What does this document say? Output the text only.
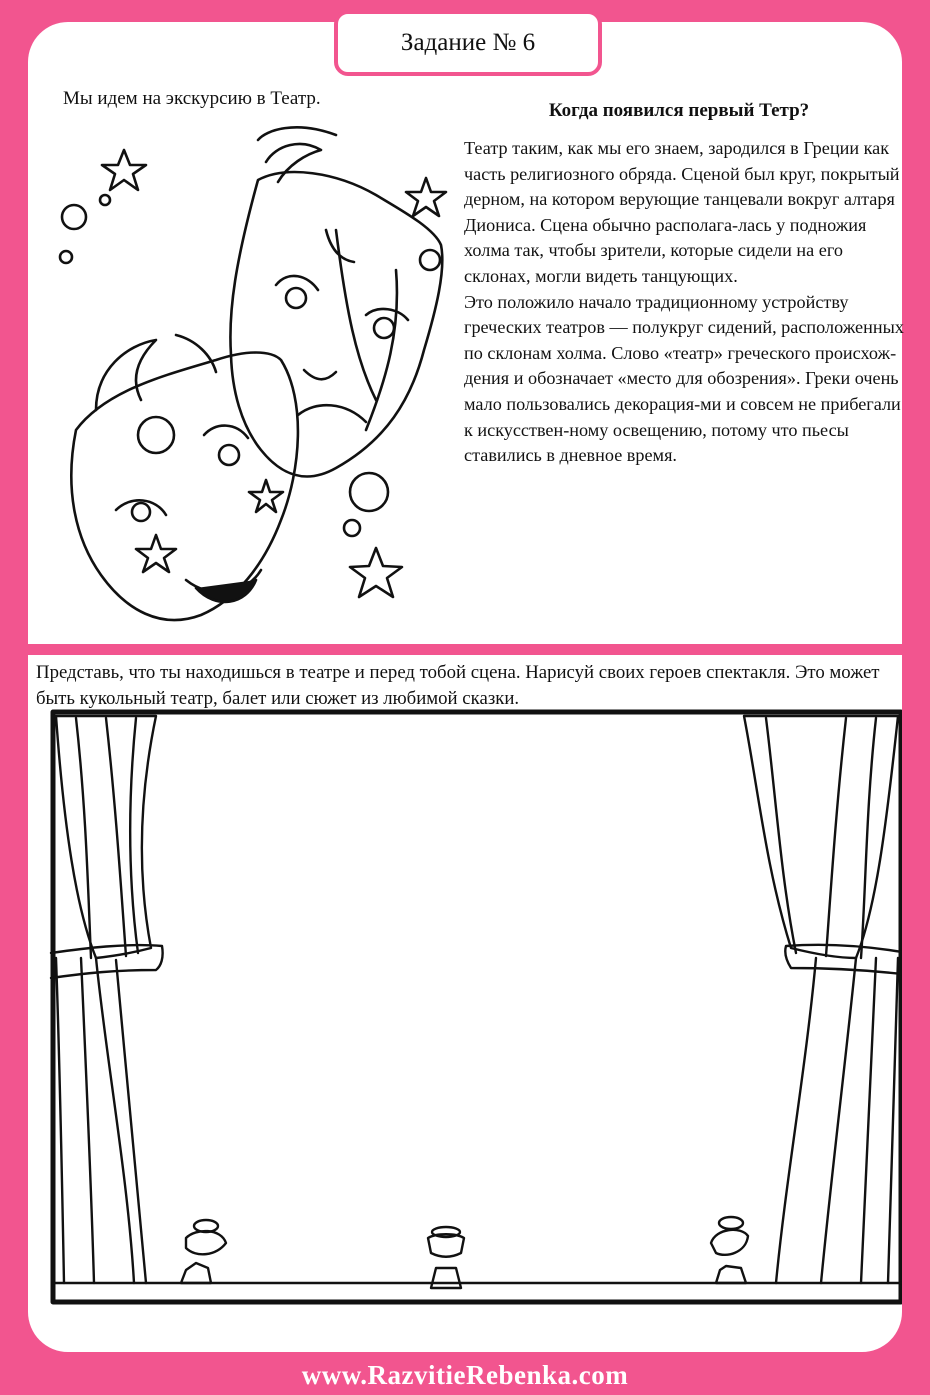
Задание № 6
Мы идем на экскурсию в Театр.
Когда появился первый Тетр?

Театр таким, как мы его знаем, зародился в Греции как часть религиозного обряда. Сценой был круг, покрытый дерном, на котором верующие танцевали вокруг алтаря Диониса. Сцена обычно располага-лась у подножия холма так, чтобы зрители, которые сидели на его склонах, могли видеть танцующих.

Это положило начало традиционному устройству греческих театров — полукруг сидений, расположенных по склонам холма. Слово «театр» греческого происхож-дения и обозначает «место для обозрения». Греки очень мало пользовались декорация-ми и совсем не прибегали к искусствен-ному освещению, потому что пьесы ставились в дневное время.

Представь, что ты находишься в театре и перед тобой сцена. Нарисуй своих героев спектакля. Это может быть кукольный театр, балет или сюжет из любимой сказки.
www.RazvitieRebenka.com
